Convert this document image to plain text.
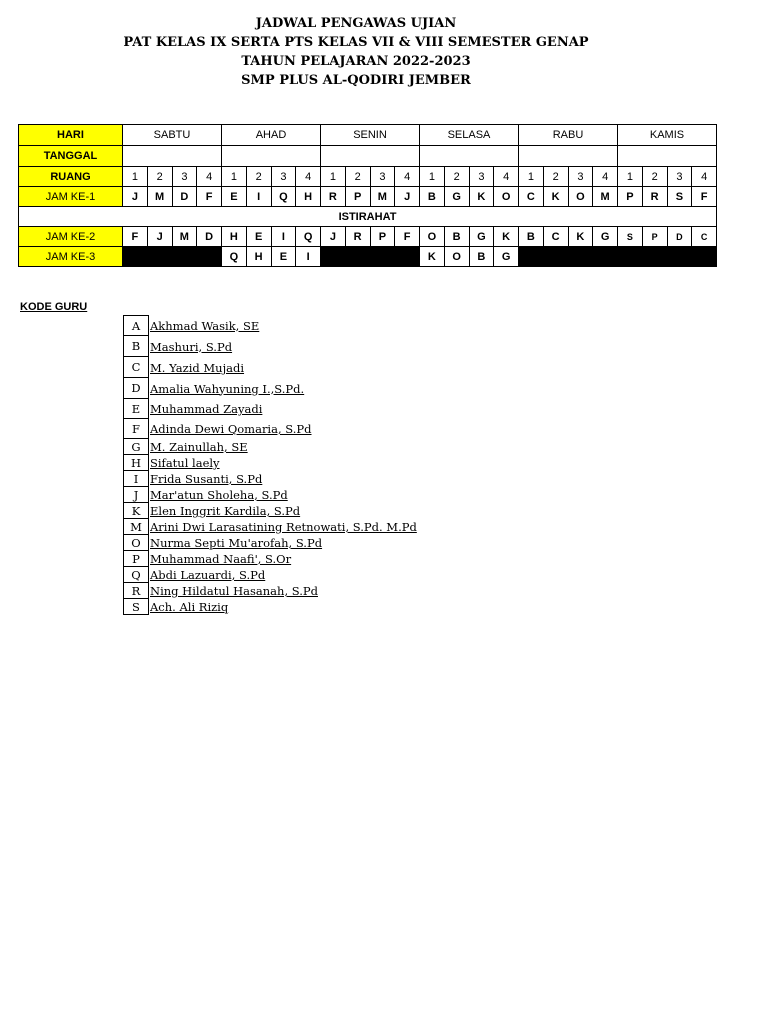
JADWAL PENGAWAS UJIAN
PAT KELAS IX SERTA PTS KELAS VII & VIII SEMESTER GENAP
TAHUN PELAJARAN 2022-2023
SMP PLUS AL-QODIRI JEMBER
HARI	SABTU				AHAD				SENIN				SELASA				RABU				KAMIS			
TANGGAL																								
RUANG	1	2	3	4	1	2	3	4	1	2	3	4	1	2	3	4	1	2	3	4	1	2	3	4
JAM KE-1	J	M	D	F	E	I	Q	H	R	P	M	J	B	G	K	O	C	K	O	M	P	R	S	F
ISTIRAHAT																								
JAM KE-2	F	J	M	D	H	E	I	Q	J	R	P	F	O	B	G	K	B	C	K	G	S	P	D	C
JAM KE-3					Q	H	E	I					K	O	B	G								
KODE GURU
A Akhmad Wasik, SE
B Mashuri, S.Pd
C M. Yazid Mujadi
D Amalia Wahyuning I.,S.Pd.
E Muhammad Zayadi
F Adinda Dewi Qomaria, S.Pd
G M. Zainullah, SE
H Sifatul laely
I	Frida Susanti, S.Pd
J	Mar'atun Sholeha, S.Pd
K Elen Inggrit Kardila, S.Pd
M Arini Dwi Larasatining Retnowati, S.Pd. M.Pd
O Nurma Septi Mu'arofah, S.Pd
P Muhammad Naafi', S.Or
Q Abdi Lazuardi, S.Pd
R Ning Hildatul Hasanah, S.Pd
S Ach. Ali Riziq
